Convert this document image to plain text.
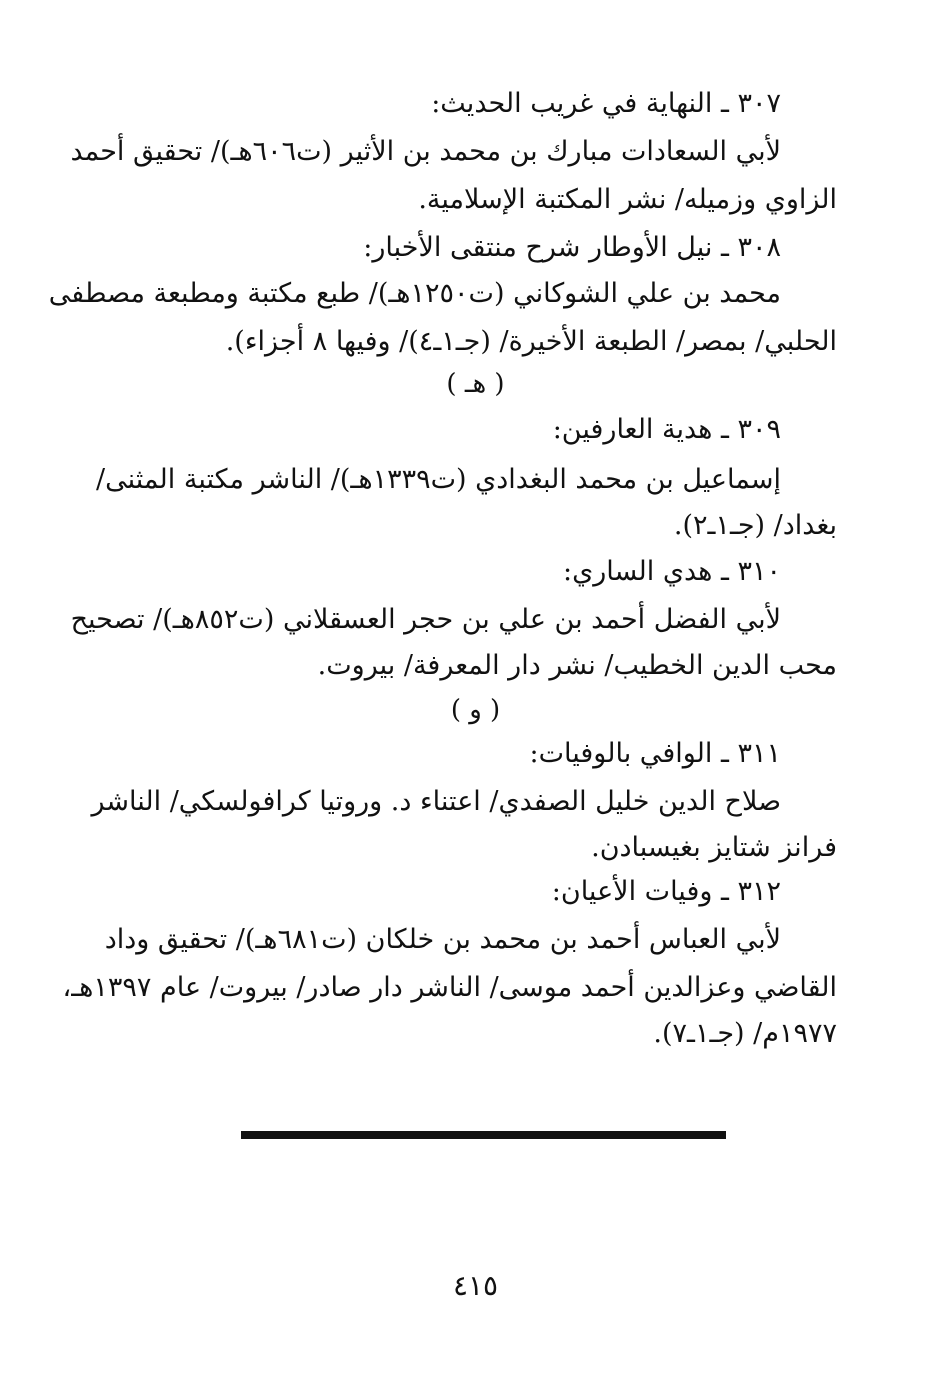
٣٠٧ ـ النهاية في غريب الحديث:
لأبي السعادات مبارك بن محمد بن الأثير (ت٦٠٦هـ)/ تحقيق أحمد
الزاوي وزميله/ نشر المكتبة الإسلامية.
٣٠٨ ـ نيل الأوطار شرح منتقى الأخبار:
محمد بن علي الشوكاني (ت١٢٥٠هـ)/ طبع مكتبة ومطبعة مصطفى
الحلبي/ بمصر/ الطبعة الأخيرة/ (جـ١ـ٤)/ وفيها ٨ أجزاء).
( هـ )
٣٠٩ ـ هدية العارفين:
إسماعيل بن محمد البغدادي (ت١٣٣٩هـ)/ الناشر مكتبة المثنى/
بغداد/ (جـ١ـ٢).
٣١٠ ـ هدي الساري:
لأبي الفضل أحمد بن علي بن حجر العسقلاني (ت٨٥٢هـ)/ تصحيح
محب الدين الخطيب/ نشر دار المعرفة/ بيروت.
( و )
٣١١ ـ الوافي بالوفيات:
صلاح الدين خليل الصفدي/ اعتناء د. وروتيا كرافولسكي/ الناشر
فرانز شتايز بغيسبادن.
٣١٢ ـ وفيات الأعيان:
لأبي العباس أحمد بن محمد بن خلكان (ت٦٨١هـ)/ تحقيق وداد
القاضي وعزالدين أحمد موسى/ الناشر دار صادر/ بيروت/ عام ١٣٩٧هـ،
١٩٧٧م/ (جـ١ـ٧).
٤١٥
